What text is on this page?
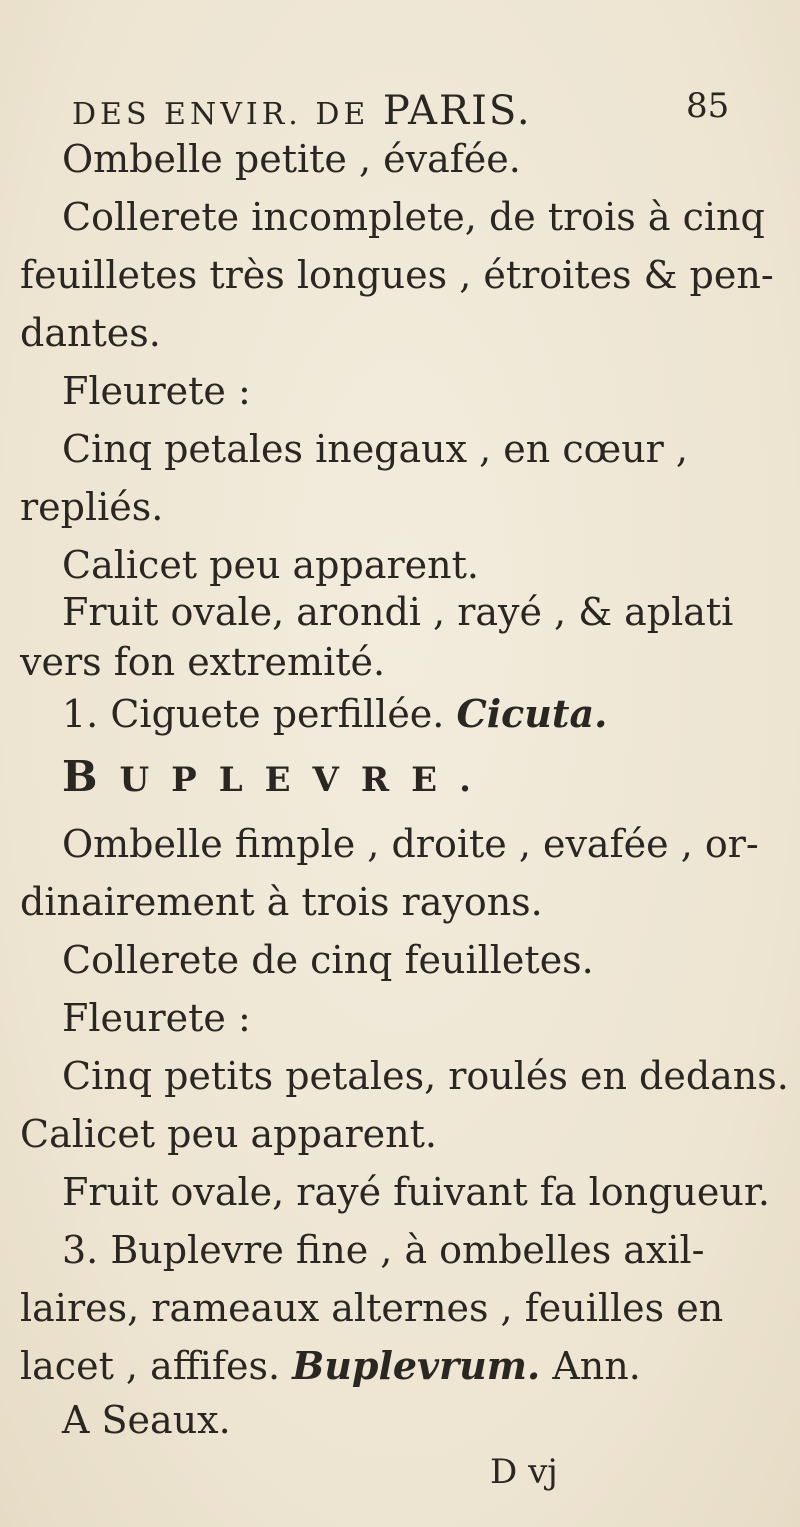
DES ENVIR. DE PARIS.	85
Ombelle petite , évafée.
Collerete incomplete, de trois à cinq
feuilletes très longues , étroites & pen-
dantes.
Fleurete :
Cinq petales inegaux , en cœur ,
repliés.
Calicet peu apparent.
Fruit ovale, arondi , rayé , & aplati
BUPLEVRE.
Ombelle fimple , droite , evafée , or-
dinairement à trois rayons.
Collerete de cinq feuilletes.
Fleurete :
Cinq petits petales, roulés en dedans.
Calicet peu apparent.
Fruit ovale, rayé fuivant fa longueur.
3. Buplevre fine , à ombelles axil-
laires, rameaux alternes , feuilles en
lacet , affifes. Buplevrum. Ann.
A Seaux.
D vj
vers fon extremité.
1. Ciguete perfillée. Cicuta.
